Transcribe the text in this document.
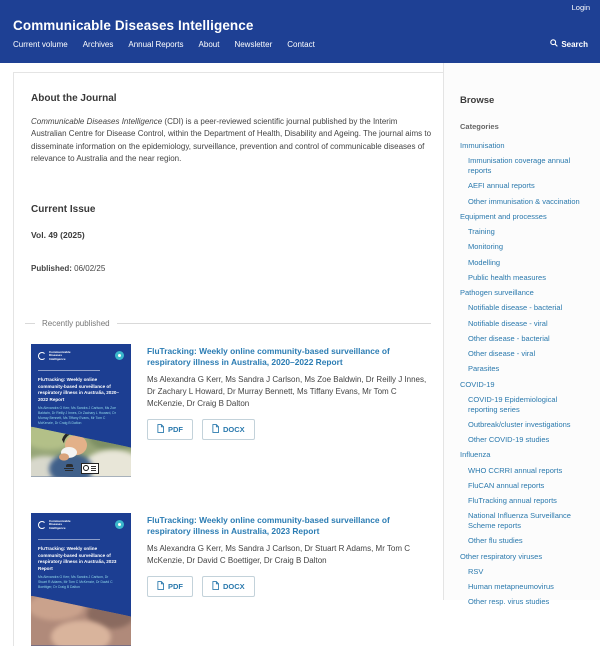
Login
Communicable Diseases Intelligence
Current volume Archives Annual Reports About Newsletter Contact	Search
About the Journal

Communicable Diseases Intelligence (CDI) is a peer-reviewed scientific journal published by the Interim Australian Centre for Disease Control, within the Department of Health, Disability and Ageing. The journal aims to disseminate information on the epidemiology, surveillance, prevention and control of communicable diseases of relevance to Australia and the near region.

Current Issue
Vol. 49 (2025)
Published: 06/02/25
Recently published
Communicable Diseases Intelligence
FluTracking: Weekly online community-based surveillance of respiratory illness in Australia, 2020–2022 Report
Ms Alexandra G Kerr, Ms Sandra J Carlson, Ms Zoe Baldwin, Dr Reilly J Innes, Dr Zachary L Howard, Dr Murray Bennett, Ms Tiffany Evans, Mr Tom C McKenzie, Dr Craig B Dalton
FluTracking: Weekly online community-based surveillance of respiratory illness in Australia, 2020–2022 Report
Ms Alexandra G Kerr, Ms Sandra J Carlson, Ms Zoe Baldwin, Dr Reilly J Innes, Dr Zachary L Howard, Dr Murray Bennett, Ms Tiffany Evans, Mr Tom C McKenzie, Dr Craig B Dalton
PDF	DOCX
Communicable Diseases Intelligence
FluTracking: Weekly online community-based surveillance of respiratory illness in Australia, 2023 Report
Ms Alexandra G Kerr, Ms Sandra J Carlson, Dr Stuart R Adams, Mr Tom C McKenzie, Dr David C Boettiger, Dr Craig B Dalton
FluTracking: Weekly online community-based surveillance of respiratory illness in Australia, 2023 Report
Ms Alexandra G Kerr, Ms Sandra J Carlson, Dr Stuart R Adams, Mr Tom C McKenzie, Dr David C Boettiger, Dr Craig B Dalton
PDF	DOCX
Browse
Categories
Immunisation
Immunisation coverage annual reports
AEFI annual reports
Other immunisation & vaccination
Equipment and processes
Training
Monitoring
Modelling
Public health measures
Pathogen surveillance
Notifiable disease - bacterial
Notifiable disease - viral
Other disease - bacterial
Other disease - viral
Parasites
COVID-19
COVID-19 Epidemiological reporting series
Outbreak/cluster investigations
Other COVID-19 studies
Influenza
WHO CCRRI annual reports
FluCAN annual reports
FluTracking annual reports
National Influenza Surveillance Scheme reports
Other flu studies
Other respiratory viruses
RSV
Human metapneumovirus
Other resp. virus studies
